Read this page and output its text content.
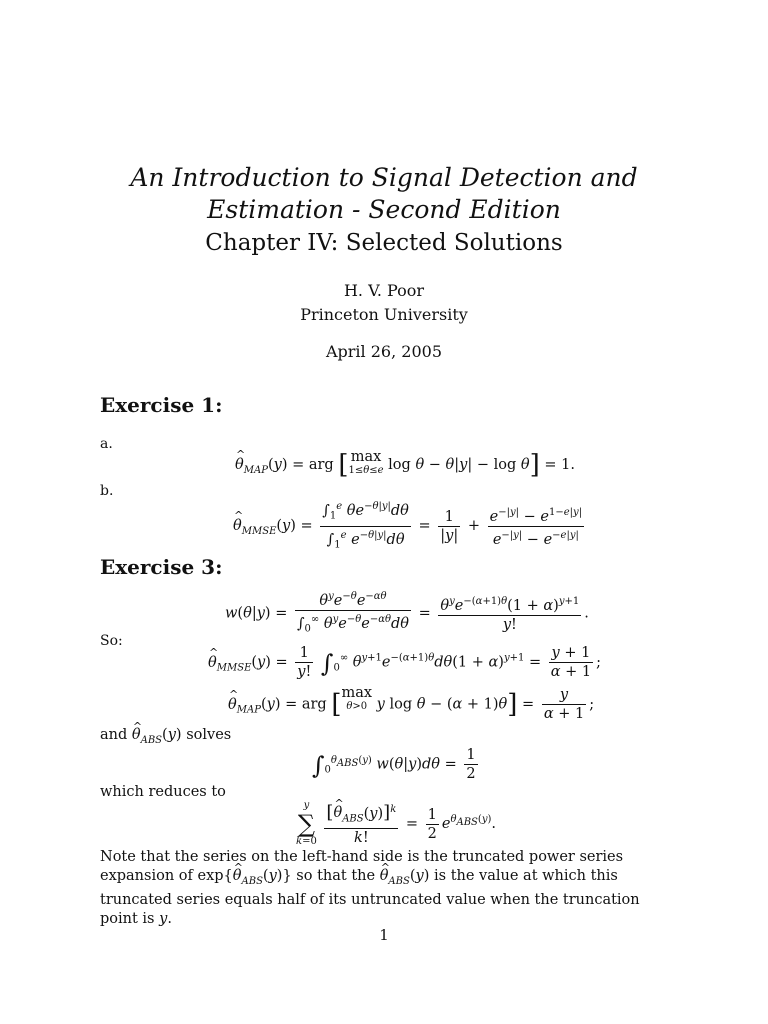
An Introduction to Signal Detection and
Estimation - Second Edition
Chapter IV: Selected Solutions
H. V. Poor
Princeton University
April 26, 2005
Exercise 1:
a.
^ $\theta_{MAP}(y)$ = arg [ max
1≤θ≤e log θ − θ|y| − log θ] = 1.
b.
^ $\theta_{MMSE}(y) = \frac{\int_1^e \theta e^{-\theta|y|}d\theta}{\int_1^e e^{-\theta|y|}d\theta} = \frac{1}{|y|} + \frac{e^{-|y|} - e^{1-e|y|}}{e^{-|y|} - e^{-e|y|}}$
Exercise 3:
$w(\theta|y) = \frac{\theta^ye^{-\theta}e^{-\alpha\theta}}{\int_0^\infty \theta^ye^{-\theta}e^{-\alpha\theta}d\theta} = \frac{\theta^ye^{-(\alpha+1)\theta}(1 + \alpha)^{y+1}}{y!}$ .
So:
^ $\theta_{MMSE}(y) = \frac{1}{y!} \int_0^\infty$ $\theta^{y+1}e^{-(\alpha+1)\theta}d\theta(1 + \alpha)^{y+1} = \frac{y + 1}{\alpha + 1}$ ;
^ $\theta_{MAP}(y)$ = arg [max
θ>0 y $\log \theta - (\alpha + 1)\theta] = \frac{y}{\alpha + 1}$ ;
and ^ $\theta_{ABS}(y)$ solves
$\int_0^{\theta_{ABS}(y)}$ $w(\theta|y)d\theta = \frac{1}{2}$
which reduces to
y
∑
k=0
$\frac{[\^{} \theta_{ABS}(y)]^k}{k!} = \frac{1}{2} e^{\theta_{ABS}(y)}$.
Note that the series on the left-hand side is the truncated power series expansion of exp{^ $\theta_{ABS}(y)$} so that the ^ $\theta_{ABS}(y)$ is the value at which this truncated series equals half of its untruncated value when the truncation point is y.
1
